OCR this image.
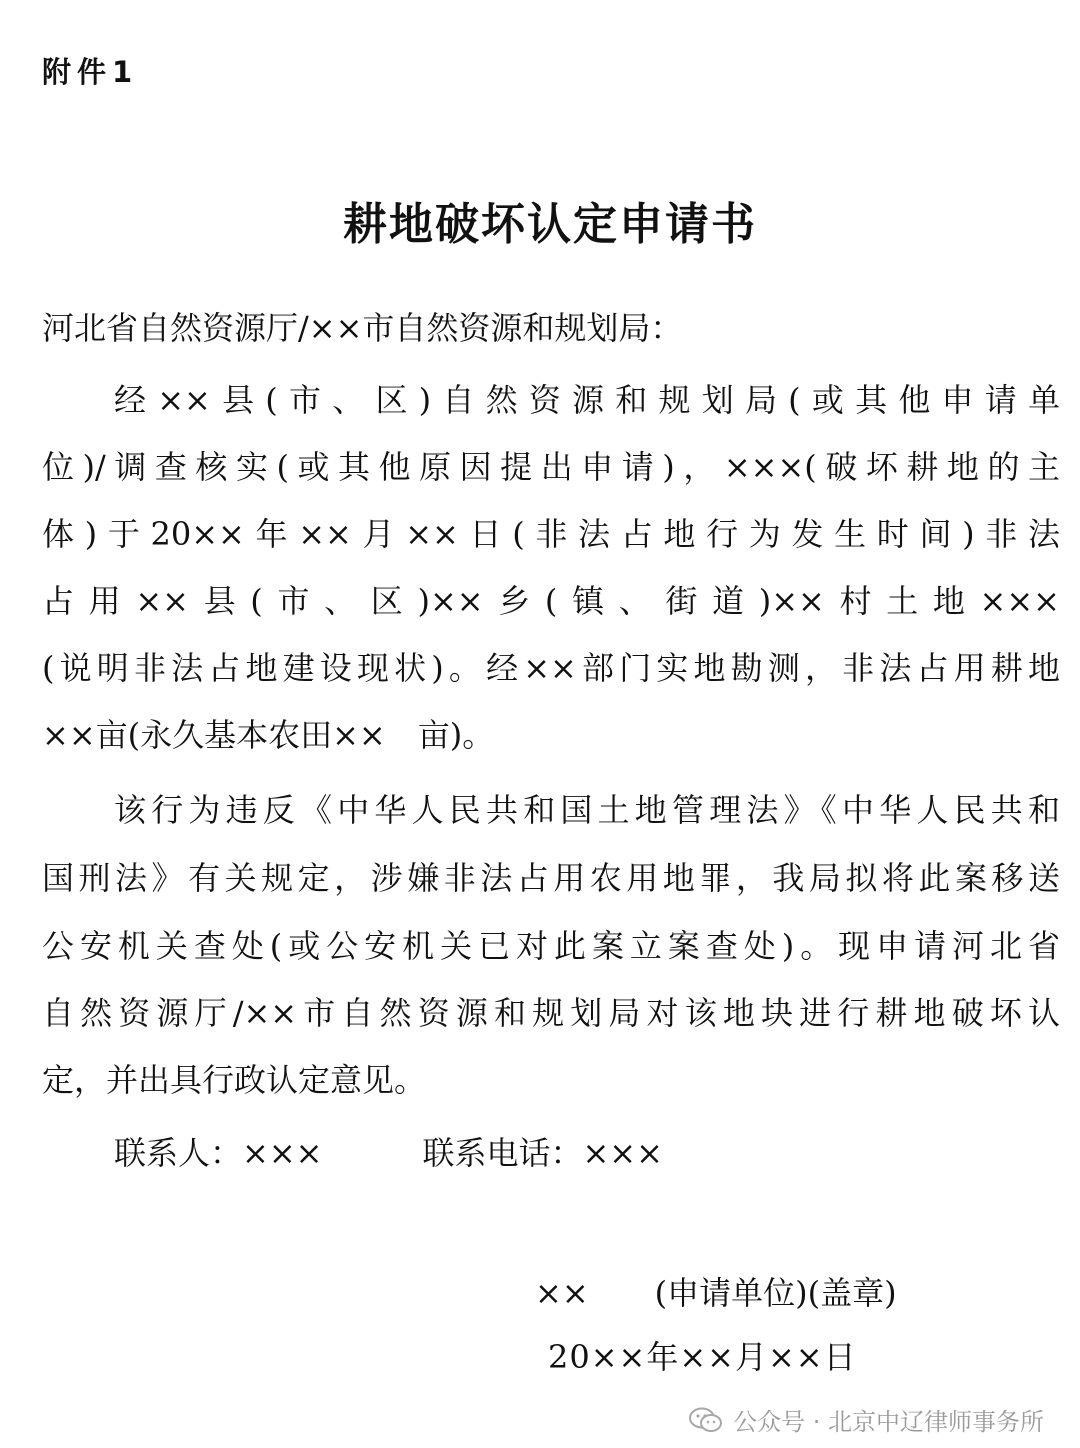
附件1
耕地破坏认定申请书
河北省自然资源厅/××市自然资源和规划局：
经××县(市、区)自然资源和规划局(或其他申请单
位)/调查核实(或其他原因提出申请)，×××(破坏耕地的主
体)于20××年××月××日(非法占地行为发生时间)非法
占用××县(市、区)××乡(镇、街道)××村土地×××
(说明非法占地建设现状)。经××部门实地勘测，非法占用耕地
××亩(永久基本农田××　亩)。
该行为违反《中华人民共和国土地管理法》《中华人民共和
国刑法》有关规定，涉嫌非法占用农用地罪，我局拟将此案移送
公安机关查处(或公安机关已对此案立案查处)。现申请河北省
自然资源厅/××市自然资源和规划局对该地块进行耕地破坏认
定，并出具行政认定意见。
联系人：×××	联系电话：×××
×× (申请单位)(盖章)
20××年××月××日
公众号 · 北京中辽律师事务所
